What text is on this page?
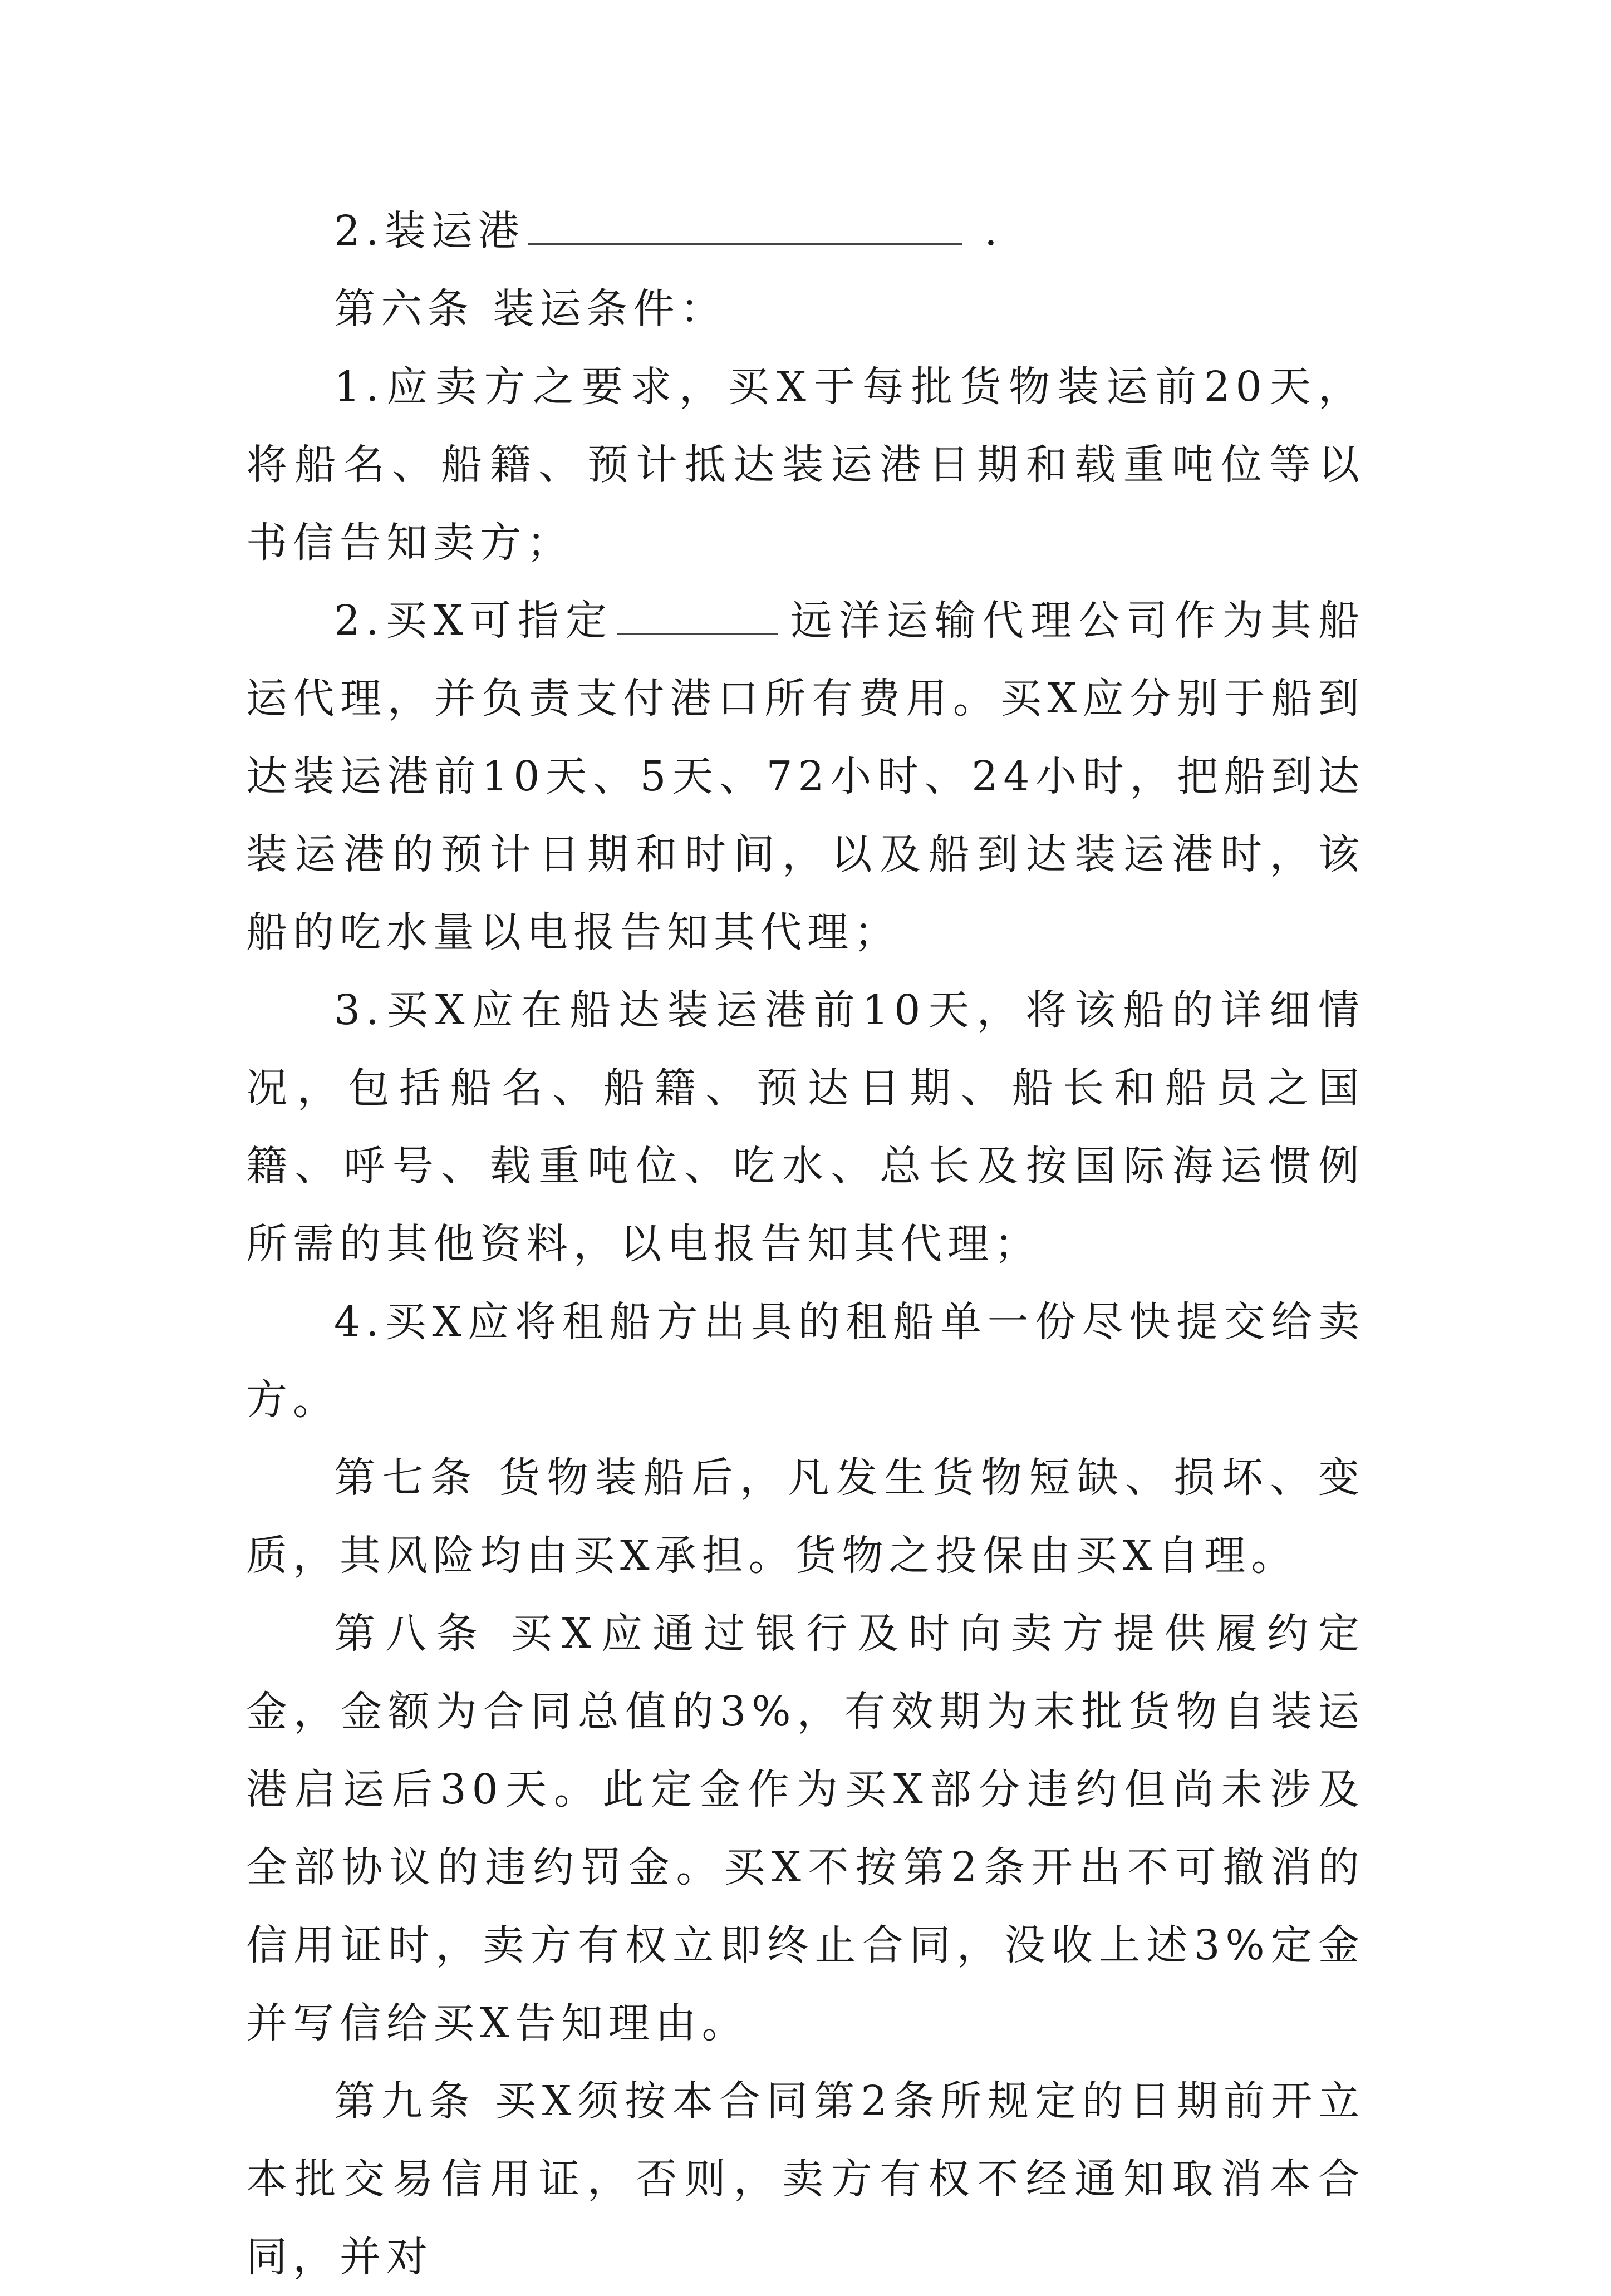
2.装运港	.

第六条 装运条件：

1.应卖方之要求，买X于每批货物装运前20天，将船名、船籍、预计抵达装运港日期和载重吨位等以书信告知卖方；

2.买X可指定	远洋运输代理公司作为其船运代理，并负责支付港口所有费用。买X应分别于船到达装运港前10天、5天、72小时、24小时，把船到达装运港的预计日期和时间，以及船到达装运港时，该船的吃水量以电报告知其代理；

3.买X应在船达装运港前10天，将该船的详细情况，包括船名、船籍、预达日期、船长和船员之国籍、呼号、载重吨位、吃水、总长及按国际海运惯例所需的其他资料，以电报告知其代理；

4.买X应将租船方出具的租船单一份尽快提交给卖方。

第七条 货物装船后，凡发生货物短缺、损坏、变质，其风险均由买X承担。货物之投保由买X自理。

第八条 买X应通过银行及时向卖方提供履约定金，金额为合同总值的3%，有效期为末批货物自装运港启运后30天。此定金作为买X部分违约但尚未涉及全部协议的违约罚金。买X不按第2条开出不可撤消的信用证时，卖方有权立即终止合同，没收上述3%定金并写信给买X告知理由。

第九条 买X须按本合同第2条所规定的日期前开立本批交易信用证，否则，卖方有权不经通知取消本合同，并对
